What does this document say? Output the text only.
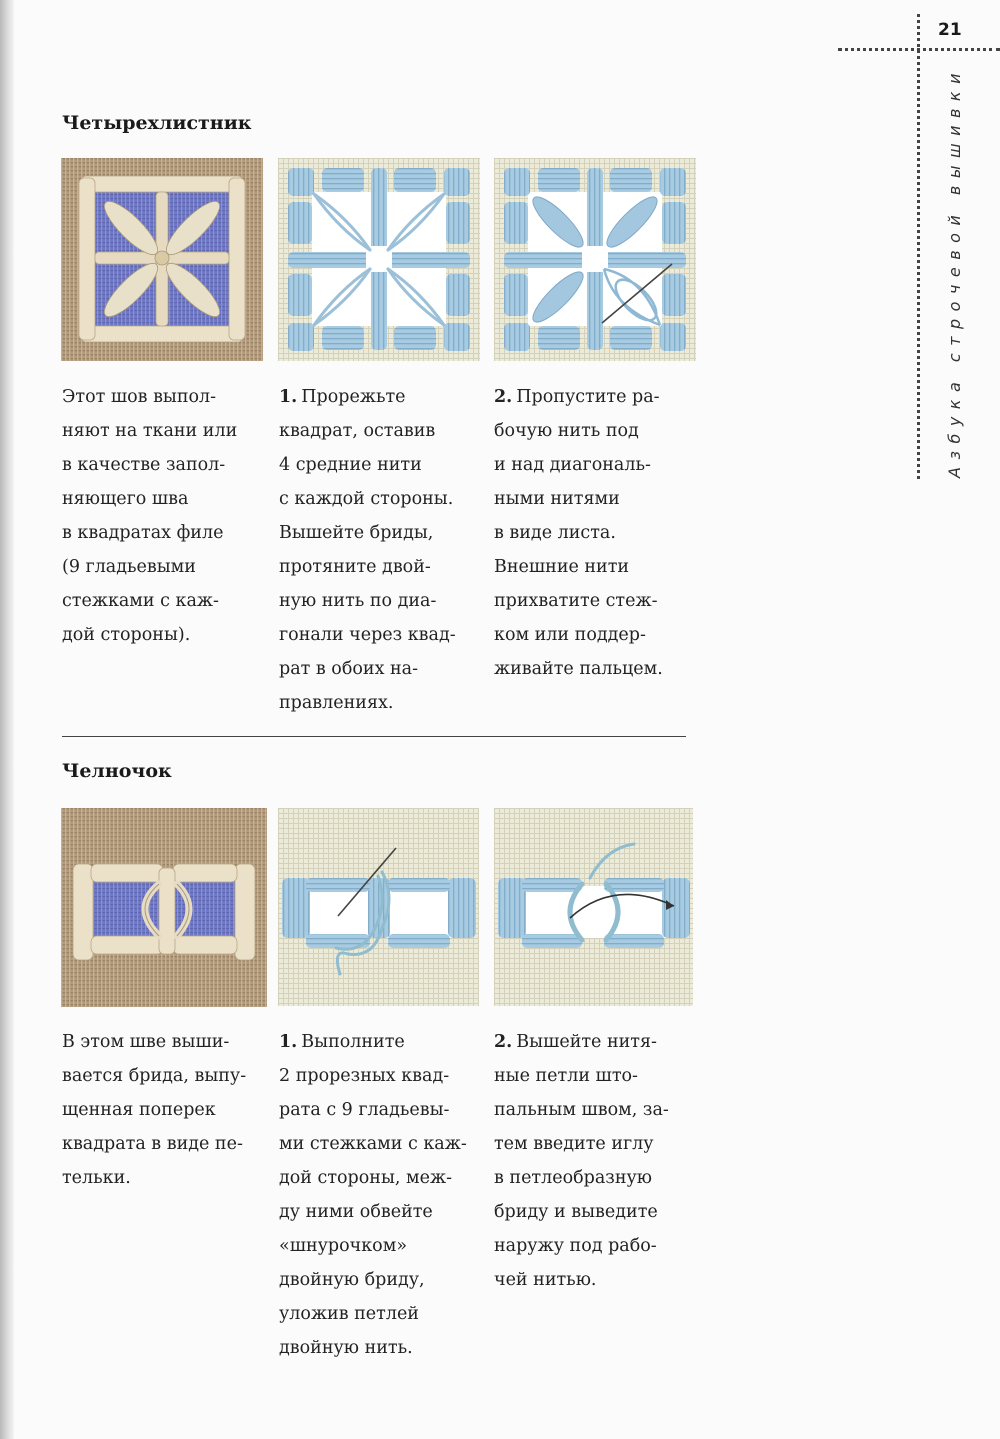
21
Азбука строчевой вышивки
Четырехлистник
Этот шов выпол-
няют на ткани или
в качестве запол-
няющего шва
в квадратах филе
(9 гладьевыми
стежками с каж-
дой стороны).
1. Прорежьте
квадрат, оставив
4 средние нити
с каждой стороны.
Вышейте бриды,
протяните двой-
ную нить по диа-
гонали через квад-
рат в обоих на-
правлениях.
2. Пропустите ра-
бочую нить под
и над диагональ-
ными нитями
в виде листа.
Внешние нити
прихватите стеж-
ком или поддер-
живайте пальцем.
Челночок
В этом шве выши-
вается брида, выпу-
щенная поперек
квадрата в виде пе-
тельки.
1. Выполните
2 прорезных квад-
рата с 9 гладьевы-
ми стежками с каж-
дой стороны, меж-
ду ними обвейте
«шнурочком»
двойную бриду,
уложив петлей
двойную нить.
2. Вышейте нитя-
ные петли што-
пальным швом, за-
тем введите иглу
в петлеобразную
бриду и выведите
наружу под рабо-
чей нитью.
